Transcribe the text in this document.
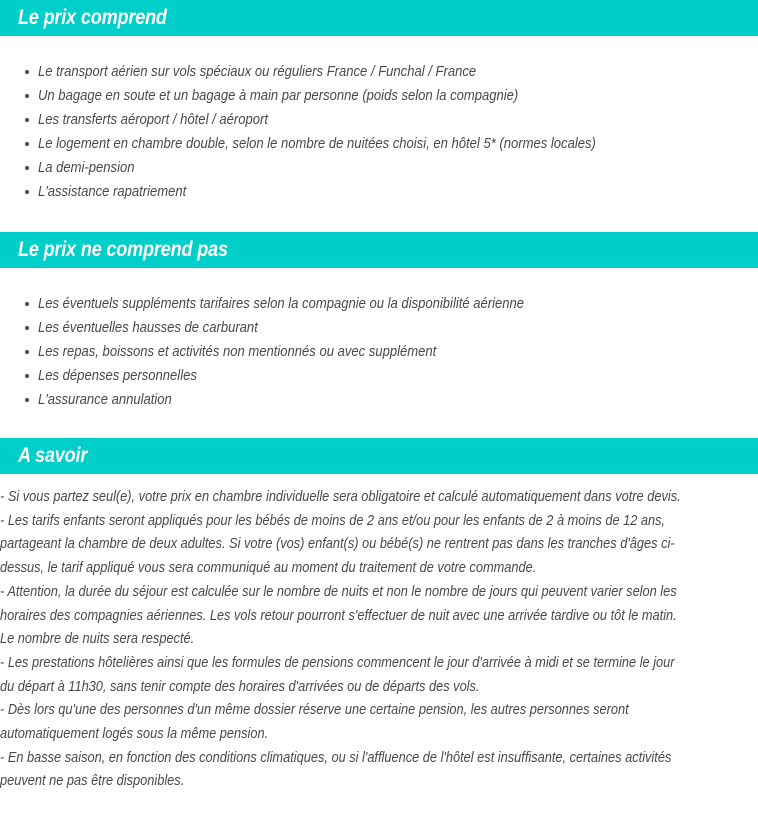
Le prix comprend
Le transport aérien sur vols spéciaux ou réguliers France / Funchal / France
Un bagage en soute et un bagage à main par personne (poids selon la compagnie)
Les transferts aéroport / hôtel / aéroport
Le logement en chambre double, selon le nombre de nuitées choisi, en hôtel 5* (normes locales)
La demi-pension
L'assistance rapatriement
Le prix ne comprend pas
Les éventuels suppléments tarifaires selon la compagnie ou la disponibilité aérienne
Les éventuelles hausses de carburant
Les repas, boissons et activités non mentionnés ou avec supplément
Les dépenses personnelles
L'assurance annulation
A savoir
- Si vous partez seul(e), votre prix en chambre individuelle sera obligatoire et calculé automatiquement dans votre devis.
- Les tarifs enfants seront appliqués pour les bébés de moins de 2 ans et/ou pour les enfants de 2 à moins de 12 ans,
partageant la chambre de deux adultes. Si votre (vos) enfant(s) ou bébé(s) ne rentrent pas dans les tranches d'âges ci-
dessus, le tarif appliqué vous sera communiqué au moment du traitement de votre commande.
- Attention, la durée du séjour est calculée sur le nombre de nuits et non le nombre de jours qui peuvent varier selon les
horaires des compagnies aériennes. Les vols retour pourront s'effectuer de nuit avec une arrivée tardive ou tôt le matin.
Le nombre de nuits sera respecté.
- Les prestations hôtelières ainsi que les formules de pensions commencent le jour d'arrivée à midi et se termine le jour
du départ à 11h30, sans tenir compte des horaires d'arrivées ou de départs des vols.
- Dès lors qu'une des personnes d'un même dossier réserve une certaine pension, les autres personnes seront
automatiquement logés sous la même pension.
- En basse saison, en fonction des conditions climatiques, ou si l'affluence de l'hôtel est insuffisante, certaines activités
peuvent ne pas être disponibles.
